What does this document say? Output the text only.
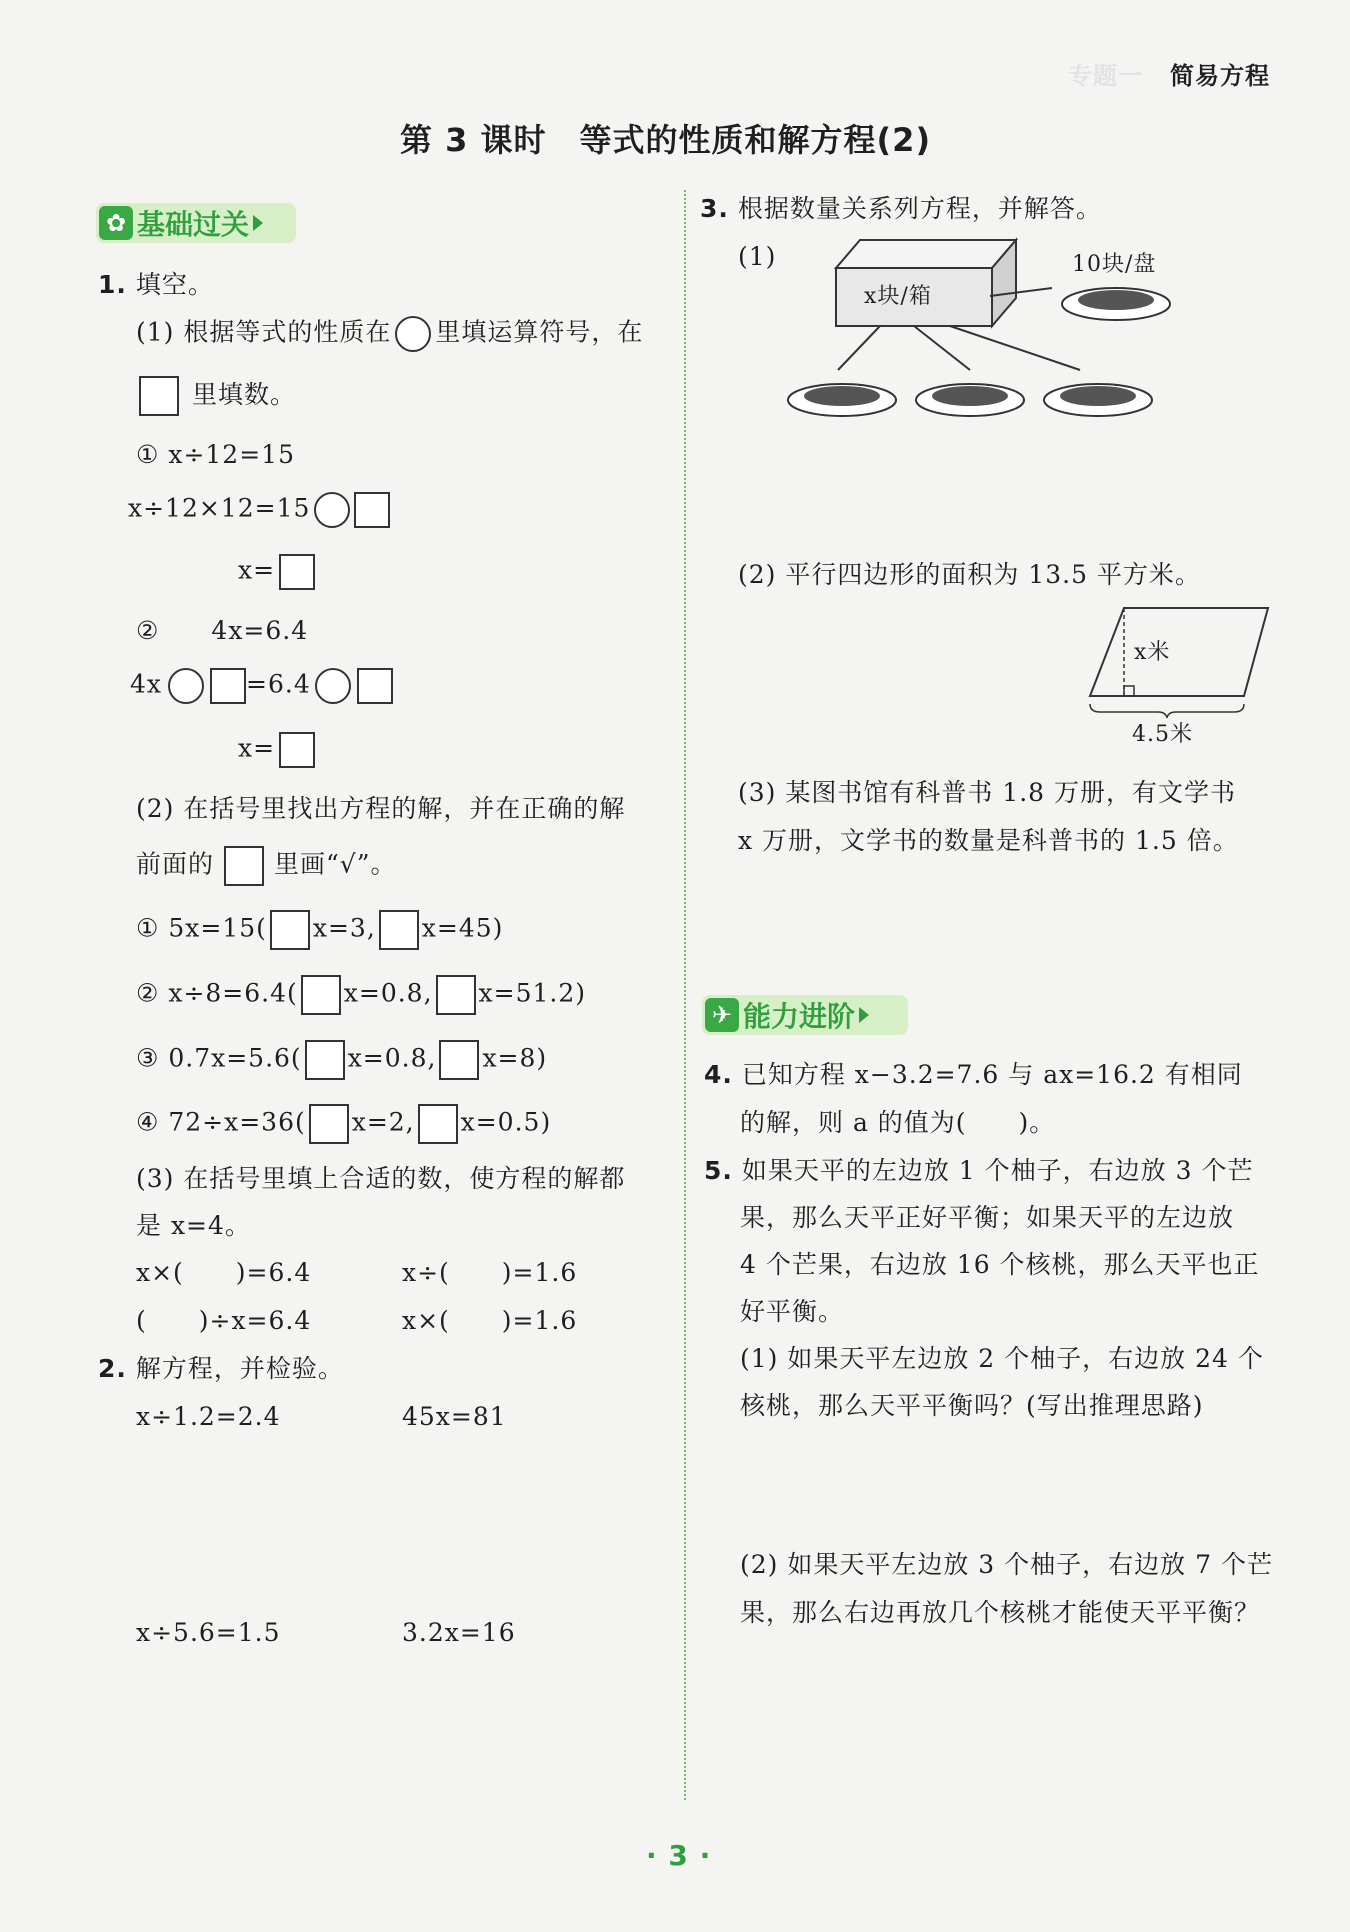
专题一 简易方程
第 3 课时　等式的性质和解方程(2)
✿ 基础过关
1. 填空。
(1) 根据等式的性质在 里填运算符号，在
里填数。
① x÷12=15
x÷12×12=15
x=
②　　4x=6.4
4x	=6.4
x=
(2) 在括号里找出方程的解，并在正确的解
前面的 里画“√”。
① 5x=15( x=3, x=45)
② x÷8=6.4( x=0.8, x=51.2)
③ 0.7x=5.6( x=0.8, x=8)
④ 72÷x=36( x=2, x=0.5)
(3) 在括号里填上合适的数，使方程的解都
是 x=4。
x×(　　)=6.4	x÷(　　)=1.6
(　　)÷x=6.4	x×(　　)=1.6
2. 解方程，并检验。
x÷1.2=2.4	45x=81
x÷5.6=1.5	3.2x=16
3. 根据数量关系列方程，并解答。
(1)
x块/箱
10块/盘
(2) 平行四边形的面积为 13.5 平方米。
x米
4.5米
(3) 某图书馆有科普书 1.8 万册，有文学书
x 万册，文学书的数量是科普书的 1.5 倍。
✈ 能力进阶
4. 已知方程 x−3.2=7.6 与 ax=16.2 有相同
的解，则 a 的值为(　　)。
5. 如果天平的左边放 1 个柚子，右边放 3 个芒
果，那么天平正好平衡；如果天平的左边放
4 个芒果，右边放 16 个核桃，那么天平也正
好平衡。
(1) 如果天平左边放 2 个柚子，右边放 24 个
核桃，那么天平平衡吗？(写出推理思路)
(2) 如果天平左边放 3 个柚子，右边放 7 个芒
果，那么右边再放几个核桃才能使天平平衡？
· 3 ·
